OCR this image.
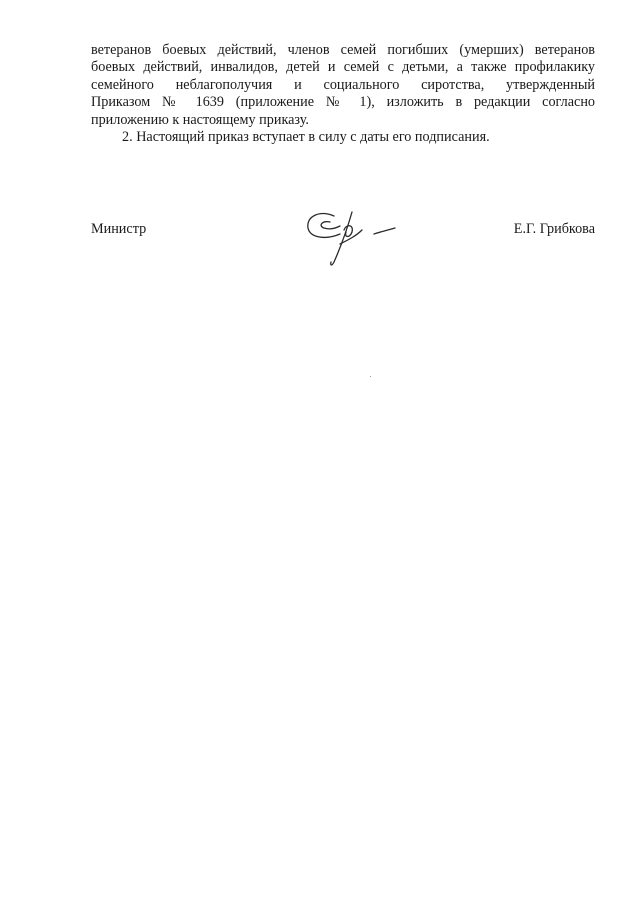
ветеранов боевых действий, членов семей погибших (умерших) ветеранов
боевых действий, инвалидов, детей и семей с детьми, а также профилакику
семейного неблагополучия и социального сиротства, утвержденный
Приказом № 1639 (приложение № 1), изложить в редакции согласно
приложению к настоящему приказу.
2. Настоящий приказ вступает в силу с даты его подписания.
Министр	Е.Г. Грибкова
